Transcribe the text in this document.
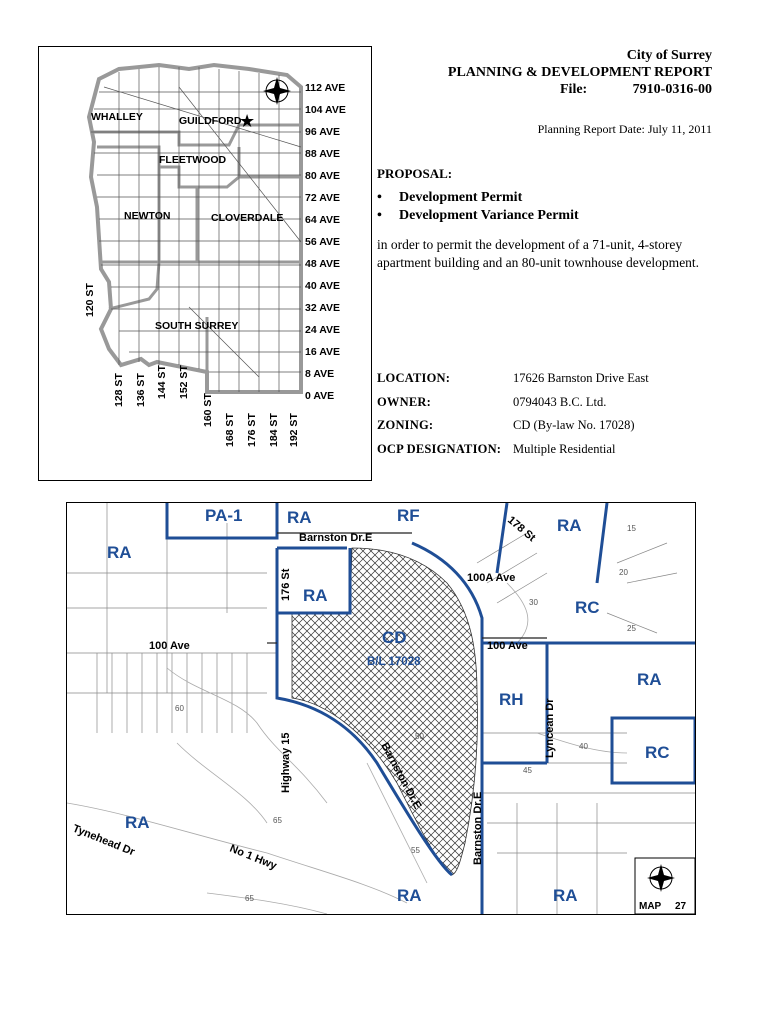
★
WHALLEY	GUILDFORD
FLEETWOOD
NEWTON	CLOVERDALE
SOUTH SURREY
112 AVE
104 AVE
96 AVE
88 AVE
80 AVE
72 AVE
64 AVE
56 AVE
48 AVE
40 AVE
32 AVE
24 AVE
16 AVE
8 AVE
0 AVE
120 ST
128 ST 136 ST 144 ST 152 ST
160 ST
168 ST 176 ST 184 ST 192 ST
City of Surrey
PLANNING & DEVELOPMENT REPORT
File:	7910-0316-00
Planning Report Date: July 11, 2011
PROPOSAL:
• Development Permit
• Development Variance Permit
in order to permit the development of a 71-unit, 4-storey apartment building and an 80-unit townhouse development.
LOCATION:	17626 Barnston Drive East
OWNER:	0794043 B.C. Ltd.
ZONING:	CD (By-law No. 17028)
OCP DESIGNATION: Multiple Residential
MAP 27
PA-1	RA	RF
RA
RA
RA
CD
RC
RA
RH
RC
RA
RA	RA
B/L 17028
Barnston Dr.E
176 St
178 St
100A Ave
100 Ave	100 Ave
Lyncean Dr
Highway 15	Barnston Dr.E
Barnston Dr.E
Tynehead Dr	No 1 Hwy
60
50
40
45
30
65
55
65
20
15
25
